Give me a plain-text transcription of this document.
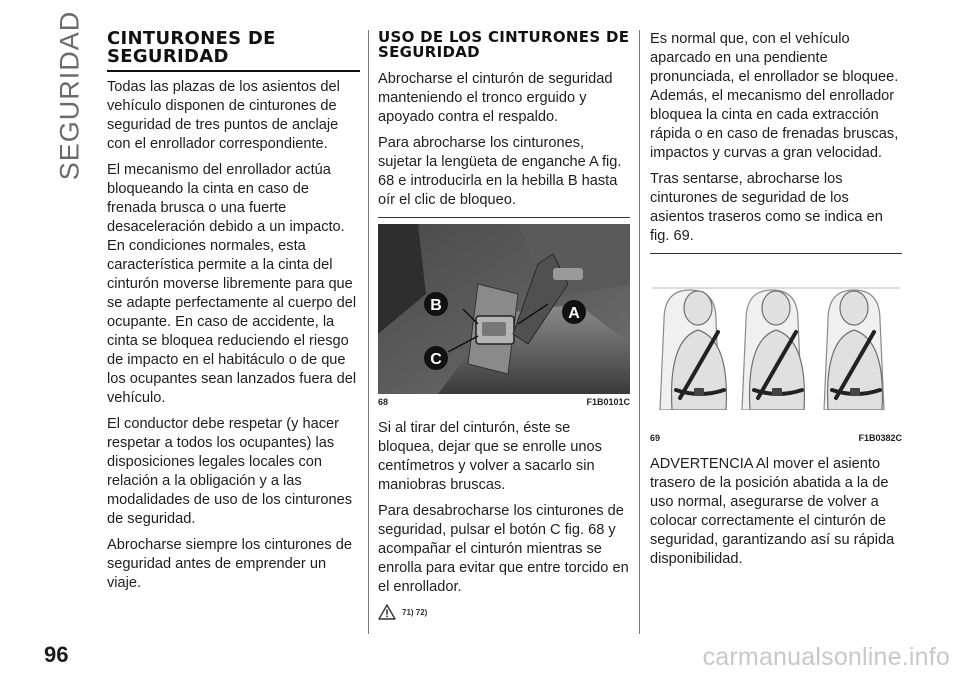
SEGURIDAD CINTURONES DE SEGURIDAD

Todas las plazas de los asientos del vehículo disponen de cinturones de seguridad de tres puntos de anclaje con el enrollador correspondiente.

El mecanismo del enrollador actúa bloqueando la cinta en caso de frenada brusca o una fuerte desaceleración debido a un impacto. En condiciones normales, esta característica permite a la cinta del cinturón moverse libremente para que se adapte perfectamente al cuerpo del ocupante. En caso de accidente, la cinta se bloquea reduciendo el riesgo de impacto en el habitáculo o de que los ocupantes sean lanzados fuera del vehículo.

El conductor debe respetar (y hacer respetar a todos los ocupantes) las disposiciones legales locales con relación a la obligación y a las modalidades de uso de los cinturones de seguridad.

Abrocharse siempre los cinturones de seguridad antes de emprender un viaje.

USO DE LOS CINTURONES DE SEGURIDAD

Abrocharse el cinturón de seguridad manteniendo el tronco erguido y apoyado contra el respaldo.

Para abrocharse los cinturones, sujetar la lengüeta de enganche A fig. 68 e introducirla en la hebilla B hasta oír el clic de bloqueo.

B
C
A
68	F1B0101C

Si al tirar del cinturón, éste se bloquea, dejar que se enrolle unos centímetros y volver a sacarlo sin maniobras bruscas.

Para desabrocharse los cinturones de seguridad, pulsar el botón C fig. 68 y acompañar el cinturón mientras se enrolla para evitar que entre torcido en el enrollador.

71) 72)

Es normal que, con el vehículo aparcado en una pendiente pronunciada, el enrollador se bloquee. Además, el mecanismo del enrollador bloquea la cinta en cada extracción rápida o en caso de frenadas bruscas, impactos y curvas a gran velocidad.

Tras sentarse, abrocharse los cinturones de seguridad de los asientos traseros como se indica en fig. 69.

69	F1B0382C

ADVERTENCIA Al mover el asiento trasero de la posición abatida a la de uso normal, asegurarse de volver a colocar correctamente el cinturón de seguridad, garantizando así su rápida disponibilidad.

96	carmanualsonline.info
